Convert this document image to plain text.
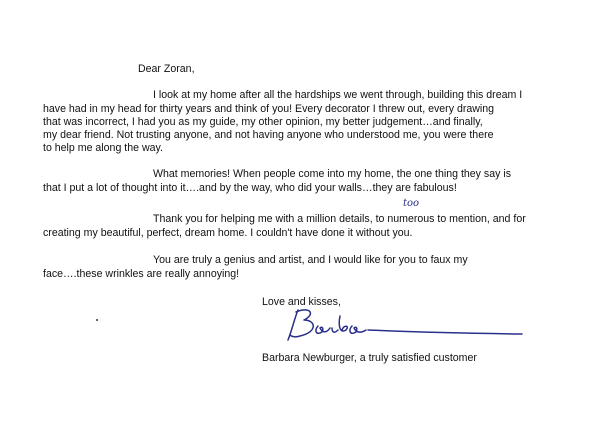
Dear Zoran,
I look at my home after all the hardships we went through, building this dream I
have had in my head for thirty years and think of you! Every decorator I threw out, every drawing
that was incorrect, I had you as my guide, my other opinion, my better judgement…and finally,
my dear friend. Not trusting anyone, and not having anyone who understood me, you were there
to help me along the way.
What memories! When people come into my home, the one thing they say is
that I put a lot of thought into it….and by the way, who did your walls…they are fabulous!
too
Thank you for helping me with a million details, to numerous to mention, and for
creating my beautiful, perfect, dream home. I couldn't have done it without you.
You are truly a genius and artist, and I would like for you to faux my
face….these wrinkles are really annoying!
Love and kisses,
Barbara Newburger, a truly satisfied customer
